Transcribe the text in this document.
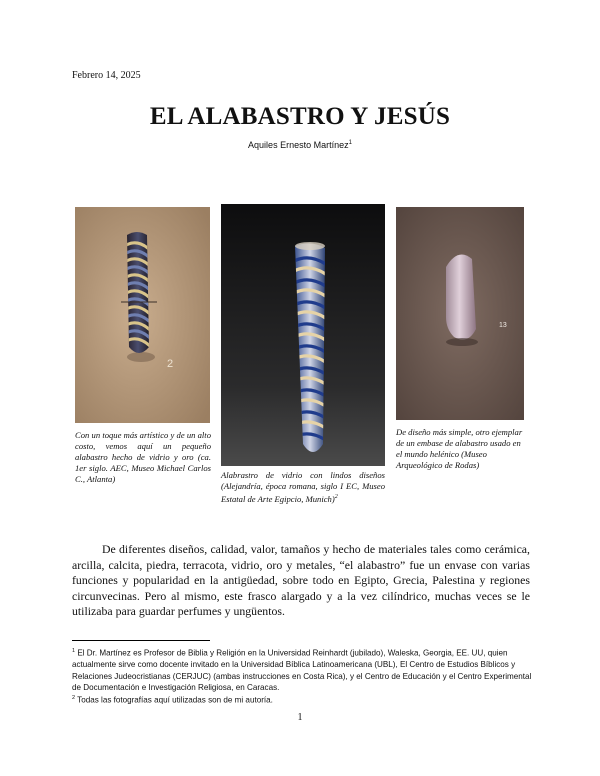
Febrero 14, 2025
EL ALABASTRO Y JESÚS
Aquiles Ernesto Martínez$^1$
2
13
Con un toque más artístico y de un alto costo, vemos aquí un pequeño alabastro hecho de vidrio y oro (ca. 1er siglo. AEC, Museo Michael Carlos C., Atlanta)	Alabrastro de vidrio con lindos diseños (Alejandría, época romana, siglo I EC, Museo Estatal de Arte Egipcio, Munich)$^2$
De diseño más simple, otro ejemplar de un embase de alabastro usado en el mundo helénico (Museo Arqueológico de Rodas)
De diferentes diseños, calidad, valor, tamaños y hecho de materiales tales como cerámica, arcilla, calcita, piedra, terracota, vidrio, oro y metales, “el alabastro” fue un envase con varias funciones y popularidad en la antigüedad, sobre todo en Egipto, Grecia, Palestina y regiones circunvecinas. Pero al mismo, este frasco alargado y a la vez cilíndrico, muchas veces se le utilizaba para guardar perfumes y ungüentos.

$^1$ El Dr. Martínez es Profesor de Biblia y Religión en la Universidad Reinhardt (jubilado), Waleska, Georgia, EE. UU, quien actualmente sirve como docente invitado en la Universidad Bíblica Latinoamericana (UBL), El Centro de Estudios Bíblicos y Relaciones Judeocristianas (CERJUC) (ambas instrucciones en Costa Rica), y el Centro de Educación y el Centro Experimental de Documentación e Investigación Religiosa, en Caracas.

$^2$ Todas las fotografías aquí utilizadas son de mi autoría.

1
